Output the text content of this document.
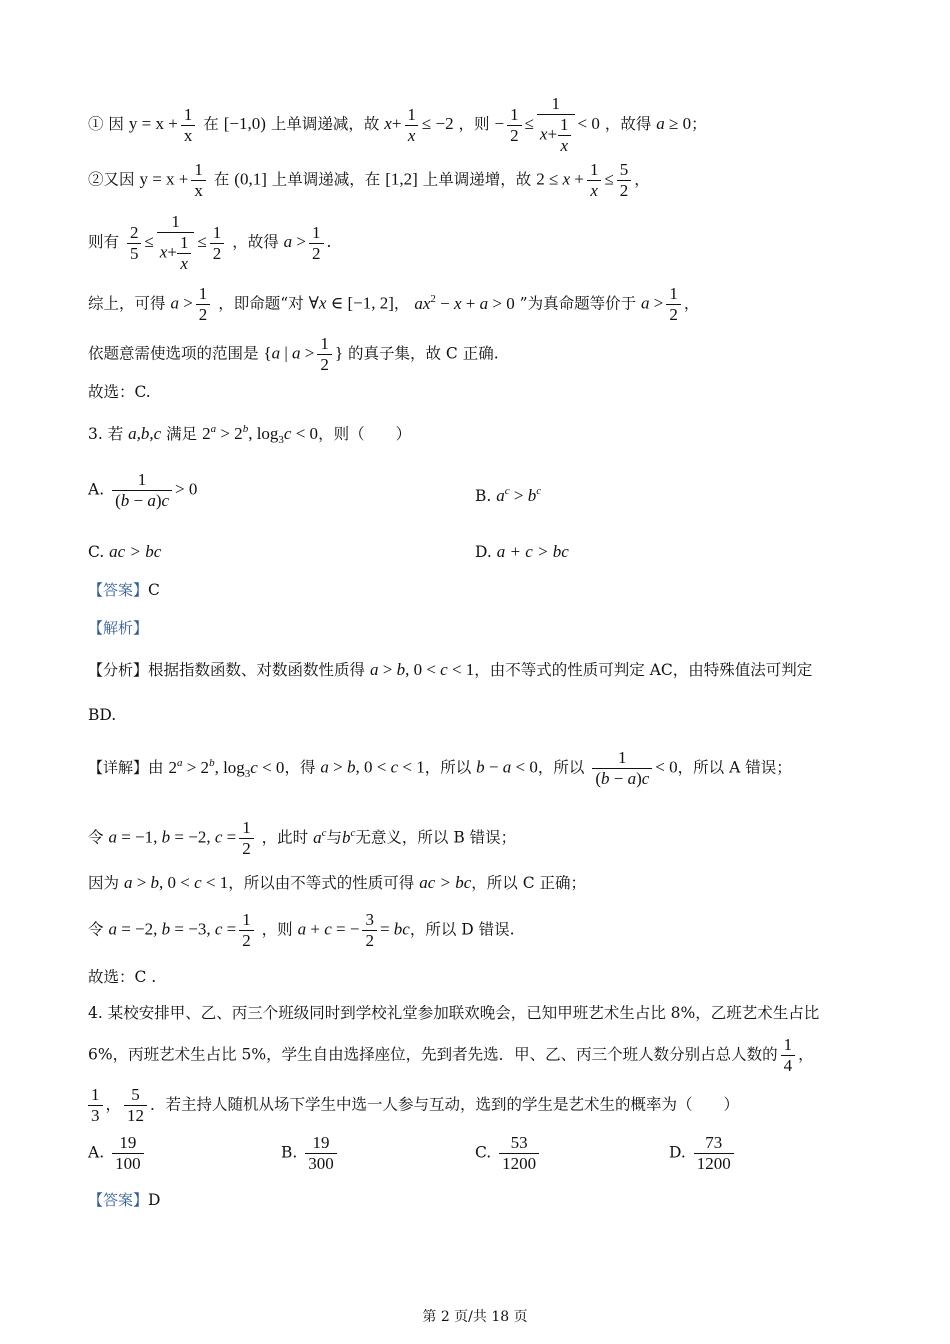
① 因 $y = x + \frac{1}{x}$ 在 [−1,0) 上单调递减，故 $x+ \frac{1}{x} \le -2$ ，则 − $\frac{1}{2} \le \frac{1}{x+ \frac{1}{x}} < 0$ ，故得 a ≥ 0；
②又因 $y = x + \frac{1}{x}$ 在 (0,1] 上单调递减，在 [1,2] 上单调递增，故 $2 \le x + \frac{1}{x} \le \frac{5}{2}$ ，
则有 $\frac{2}{5} \le \frac{1}{x+ \frac{1}{x}} \le \frac{1}{2}$ ，故得 $a > \frac{1}{2}$ .
综上，可得 $a > \frac{1}{2}$ ，即命题“对 ∀x ∈ [−1, 2]， $ax^2 - x + a > 0$ ”为真命题等价于 $a > \frac{1}{2}$ ，
依题意需使选项的范围是 {a | $a > \frac{1}{2}$ } 的真子集，故 C 正确.
故选：C.
3. 若 a,b,c 满足 $2^a > 2^b$, $\log_3c < 0$，则（　　）
A. $\frac{1}{(b - a)c} > 0$	B. $a^c > b^c$
C. ac > bc	D. a + c > bc
【答案】C
【解析】
【分析】根据指数函数、对数函数性质得 a > b, 0 < c < 1，由不等式的性质可判定 AC，由特殊值法可判定
BD.
【详解】由 $2^a > 2^b$, $\log_3c < 0$，得 a > b, 0 < c < 1，所以 b − a < 0，所以 $\frac{1}{(b - a)c} < 0$，所以 A 错误；
令 a = −1, b = −2, $c = \frac{1}{2}$ ，此时 $a^c$与$b^c$无意义，所以 B 错误；
因为 a > b, 0 < c < 1，所以由不等式的性质可得 ac > bc，所以 C 正确；
令 a = −2, b = −3, $c = \frac{1}{2}$ ，则 a + c = − $\frac{3}{2}$ = bc，所以 D 错误.
故选：C .
4. 某校安排甲、乙、丙三个班级同时到学校礼堂参加联欢晚会，已知甲班艺术生占比 8%，乙班艺术生占比
6%，丙班艺术生占比 5%，学生自由选择座位，先到者先选．甲、乙、丙三个班人数分别占总人数的 $\frac{1}{4}$ ，
$\frac{1}{3}$ ， $\frac{5}{12}$ ．若主持人随机从场下学生中选一人参与互动，选到的学生是艺术生的概率为（　　）
A. $\frac{19}{100}$	B. $\frac{19}{300}$	C. $\frac{53}{1200}$	D. $\frac{73}{1200}$
【答案】D
第 2 页/共 18 页
